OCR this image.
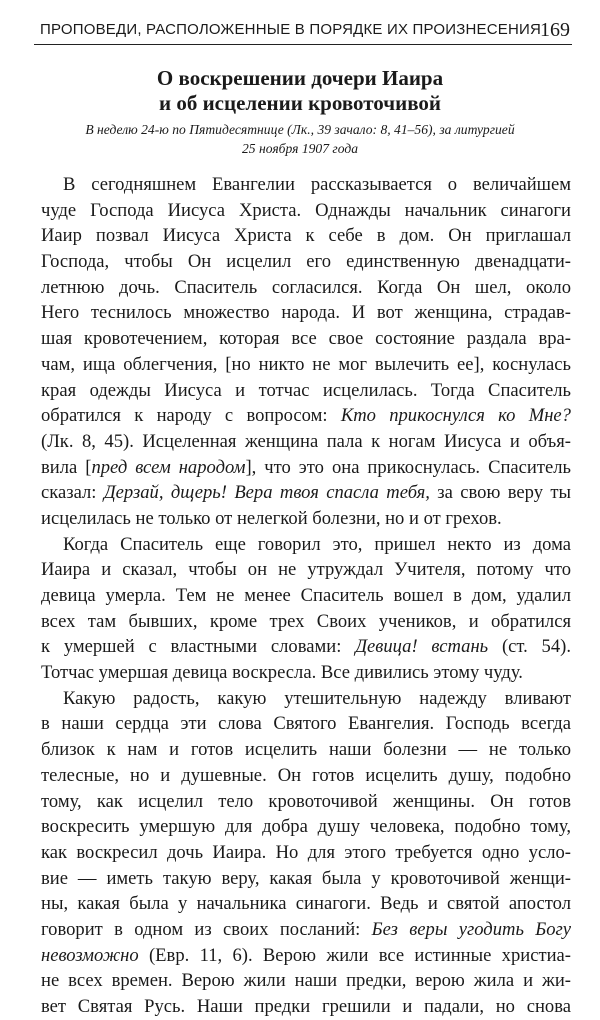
ПРОПОВЕДИ, РАСПОЛОЖЕННЫЕ В ПОРЯДКЕ ИХ ПРОИЗНЕСЕНИЯ
169
О воскрешении дочери Иаира
и об исцелении кровоточивой
В неделю 24-ю по Пятидесятнице (Лк., 39 зачало: 8, 41–56), за литургией
25 ноября 1907 года
В сегодняшнем Евангелии рассказывается о величайшем
чуде Господа Иисуса Христа. Однажды начальник синагоги
Иаир позвал Иисуса Христа к себе в дом. Он приглашал
Господа, чтобы Он исцелил его единственную двенадцати-
летнюю дочь. Спаситель согласился. Когда Он шел, около
Него теснилось множество народа. И вот женщина, страдав-
шая кровотечением, которая все свое состояние раздала вра-
чам, ища облегчения, [но никто не мог вылечить ее], коснулась
края одежды Иисуса и тотчас исцелилась. Тогда Спаситель
обратился к народу с вопросом: Кто прикоснулся ко Мне?
(Лк. 8, 45). Исцеленная женщина пала к ногам Иисуса и объя-
вила [пред всем народом], что это она прикоснулась. Спаситель
сказал: Дерзай, дщерь! Вера твоя спасла тебя, за свою веру ты
исцелилась не только от нелегкой болезни, но и от грехов.
Когда Спаситель еще говорил это, пришел некто из дома
Иаира и сказал, чтобы он не утруждал Учителя, потому что
девица умерла. Тем не менее Спаситель вошел в дом, удалил
всех там бывших, кроме трех Своих учеников, и обратился
к умершей с властными словами: Девица! встань (ст. 54).
Тотчас умершая девица воскресла. Все дивились этому чуду.
Какую радость, какую утешительную надежду вливают
в наши сердца эти слова Святого Евангелия. Господь всегда
близок к нам и готов исцелить наши болезни — не только
телесные, но и душевные. Он готов исцелить душу, подобно
тому, как исцелил тело кровоточивой женщины. Он готов
воскресить умершую для добра душу человека, подобно тому,
как воскресил дочь Иаира. Но для этого требуется одно усло-
вие — иметь такую веру, какая была у кровоточивой женщи-
ны, какая была у начальника синагоги. Ведь и святой апостол
говорит в одном из своих посланий: Без веры угодить Богу
невозможно (Евр. 11, 6). Верою жили все истинные христиа-
не всех времен. Верою жили наши предки, верою жила и жи-
вет Святая Русь. Наши предки грешили и падали, но снова
